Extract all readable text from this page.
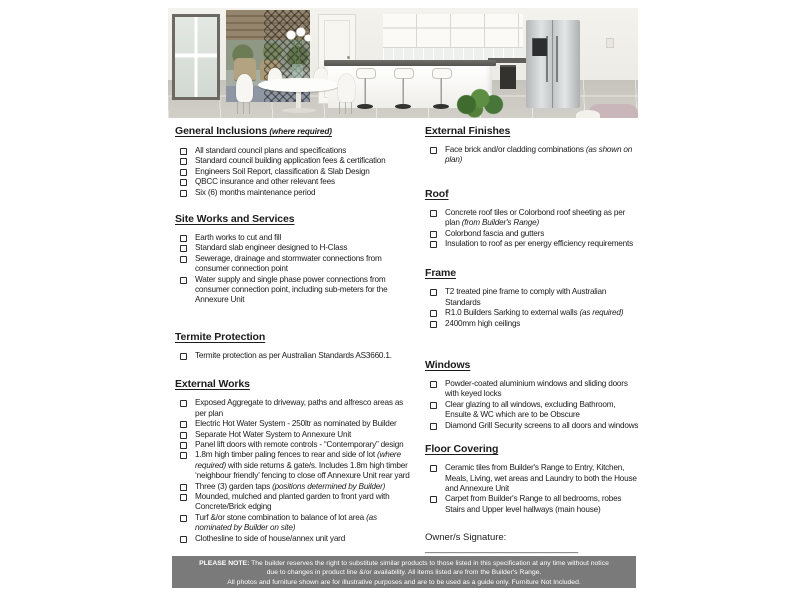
General Inclusions (where required)
All standard council plans and specifications
Standard council building application fees & certification
Engineers Soil Report, classification & Slab Design
QBCC insurance and other relevant fees
Six (6) months maintenance period
Site Works and Services
Earth works to cut and fill
Standard slab engineer designed to H-Class
Sewerage, drainage and stormwater connections from consumer connection point
Water supply and single phase power connections from consumer connection point, including sub-meters for the Annexure Unit
Termite Protection
Termite protection as per Australian Standards AS3660.1.
External Works
Exposed Aggregate to driveway, paths and alfresco areas as per plan
Electric Hot Water System - 250ltr as nominated by Builder
Separate Hot Water System to Annexure Unit
Panel lift doors with remote controls - “Contemporary” design
1.8m high timber paling fences to rear and side of lot (where required) with side returns & gate/s. Includes 1.8m high timber ‘neighbour friendly’ fencing to close off Annexure Unit rear yard
Three (3) garden taps (positions determined by Builder)
Mounded, mulched and planted garden to front yard with Concrete/Brick edging
Turf &/or stone combination to balance of lot area (as nominated by Builder on site)
Clothesline to side of house/annex unit yard
External Finishes
Face brick and/or cladding combinations (as shown on plan)
Roof
Concrete roof tiles or Colorbond roof sheeting as per plan (from Builder's Range)
Colorbond fascia and gutters
Insulation to roof as per energy efficiency requirements
Frame
T2 treated pine frame to comply with Australian Standards
R1.0 Builders Sarking to external walls (as required)
2400mm high ceilings
Windows
Powder-coated aluminium windows and sliding doors with keyed locks
Clear glazing to all windows, excluding Bathroom, Ensuite & WC which are to be Obscure
Diamond Grill Security screens to all doors and windows
Floor Covering
Ceramic tiles from Builder's Range to Entry, Kitchen, Meals, Living, wet areas and Laundry to both the House and Annexure Unit
Carpet from Builder's Range to all bedrooms, robes Stairs and Upper level hallways (main house)
Owner/s Signature: _____________________________
PLEASE NOTE: The builder reserves the right to substitute similar products to those listed in this specification at any time without notice
due to changes in product line &/or availability. All items listed are from the Builder's Range.
All photos and furniture shown are for illustrative purposes and are to be used as a guide only. Furniture Not Included.
